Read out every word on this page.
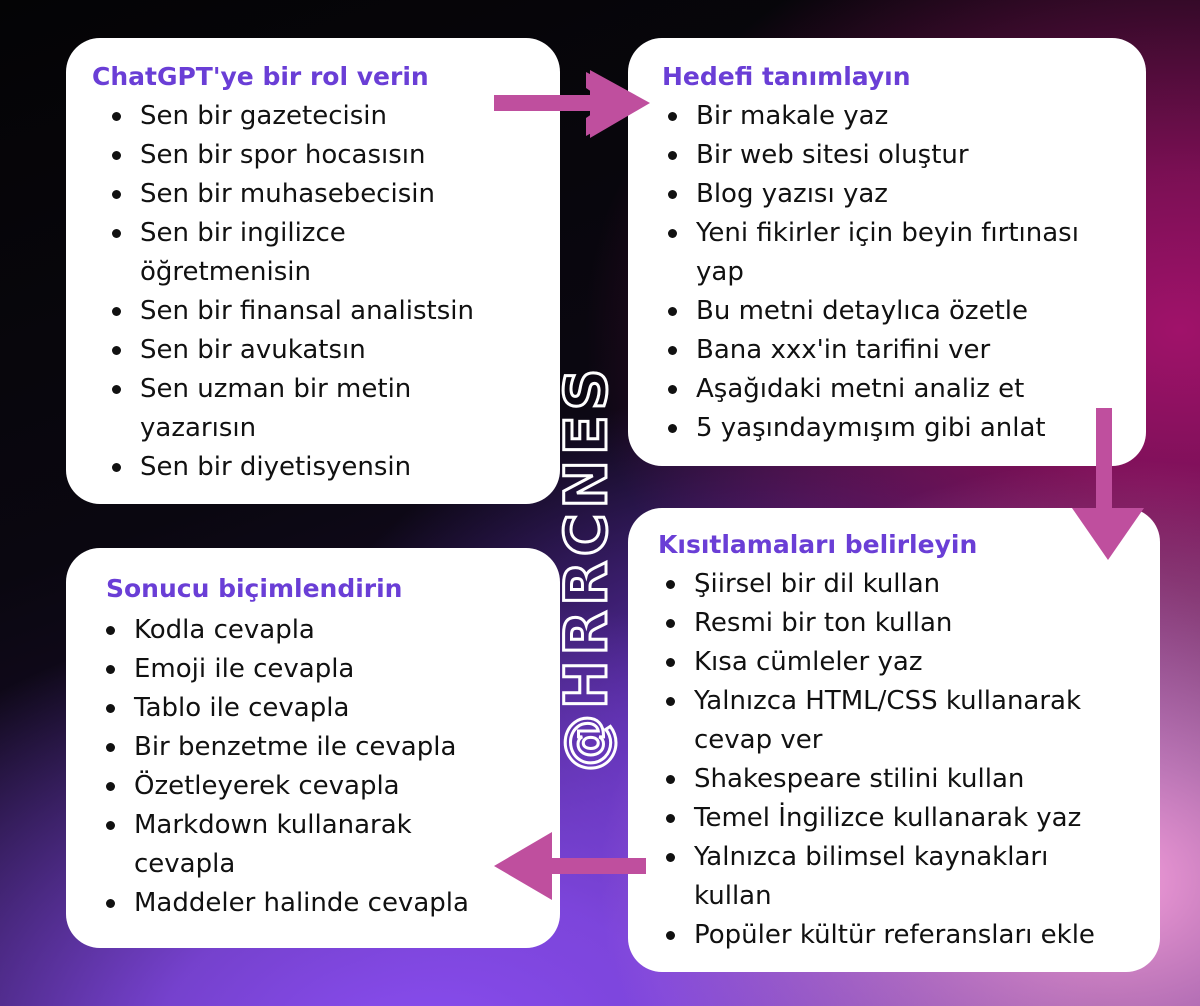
ChatGPT'ye bir rol verin
Sen bir gazetecisin
Sen bir spor hocasısın
Sen bir muhasebecisin
Sen bir ingilizce
öğretmenisin
Sen bir finansal analistsin
Sen bir avukatsın
Sen uzman bir metin
yazarısın
Sen bir diyetisyensin
Hedefi tanımlayın
Bir makale yaz
Bir web sitesi oluştur
Blog yazısı yaz
Yeni fikirler için beyin fırtınası
yap
Bu metni detaylıca özetle
Bana xxx'in tarifini ver
Aşağıdaki metni analiz et
5 yaşındaymışım gibi anlat
Kısıtlamaları belirleyin
Şiirsel bir dil kullan
Resmi bir ton kullan
Kısa cümleler yaz
Yalnızca HTML/CSS kullanarak
cevap ver
Shakespeare stilini kullan
Temel İngilizce kullanarak yaz
Yalnızca bilimsel kaynakları
kullan
Popüler kültür referansları ekle
Sonucu biçimlendirin
Kodla cevapla
Emoji ile cevapla
Tablo ile cevapla
Bir benzetme ile cevapla
Özetleyerek cevapla
Markdown kullanarak
cevapla
Maddeler halinde cevapla
@HRRCNES
